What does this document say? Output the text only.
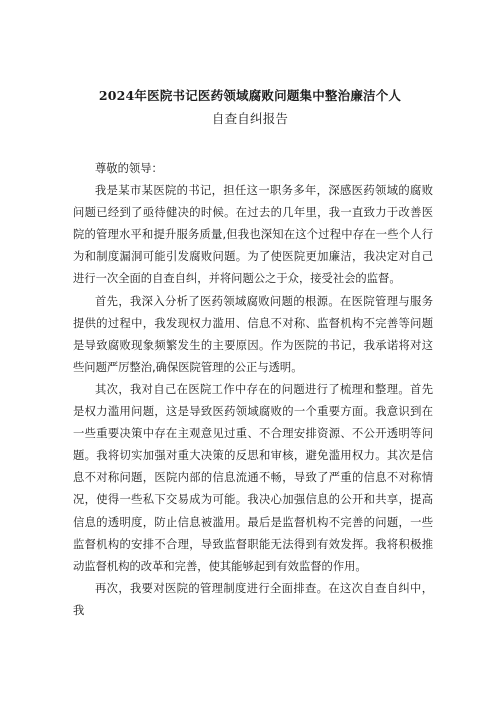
2024年医院书记医药领域腐败问题集中整治廉洁个人
自查自纠报告

尊敬的领导：

我是某市某医院的书记，担任这一职务多年，深感医药领域的腐败问题已经到了亟待健决的时候。在过去的几年里，我一直致力于改善医院的管理水平和提升服务质量,但我也深知在这个过程中存在一些个人行为和制度漏洞可能引发腐败问题。为了使医院更加廉洁，我决定对自己进行一次全面的自查自纠，并将问题公之于众，接受社会的监督。

首先，我深入分析了医药领域腐败问题的根源。在医院管理与服务提供的过程中，我发现权力滥用、信息不对称、监督机构不完善等问题是导致腐败现象频繁发生的主要原因。作为医院的书记，我承诺将对这些问题严厉整治,确保医院管理的公正与透明。

其次，我对自己在医院工作中存在的问题进行了梳理和整理。首先是权力滥用问题，这是导致医药领域腐败的一个重要方面。我意识到在一些重要决策中存在主观意见过重、不合理安排资源、不公开透明等问题。我将切实加强对重大决策的反思和审核，避免滥用权力。其次是信息不对称问题，医院内部的信息流通不畅，导致了严重的信息不对称情况，使得一些私下交易成为可能。我决心加强信息的公开和共享，提高信息的透明度，防止信息被滥用。最后是监督机构不完善的问题，一些监督机构的安排不合理，导致监督职能无法得到有效发挥。我将积极推动监督机构的改革和完善，使其能够起到有效监督的作用。

再次，我要对医院的管理制度进行全面排查。在这次自查自纠中，我
